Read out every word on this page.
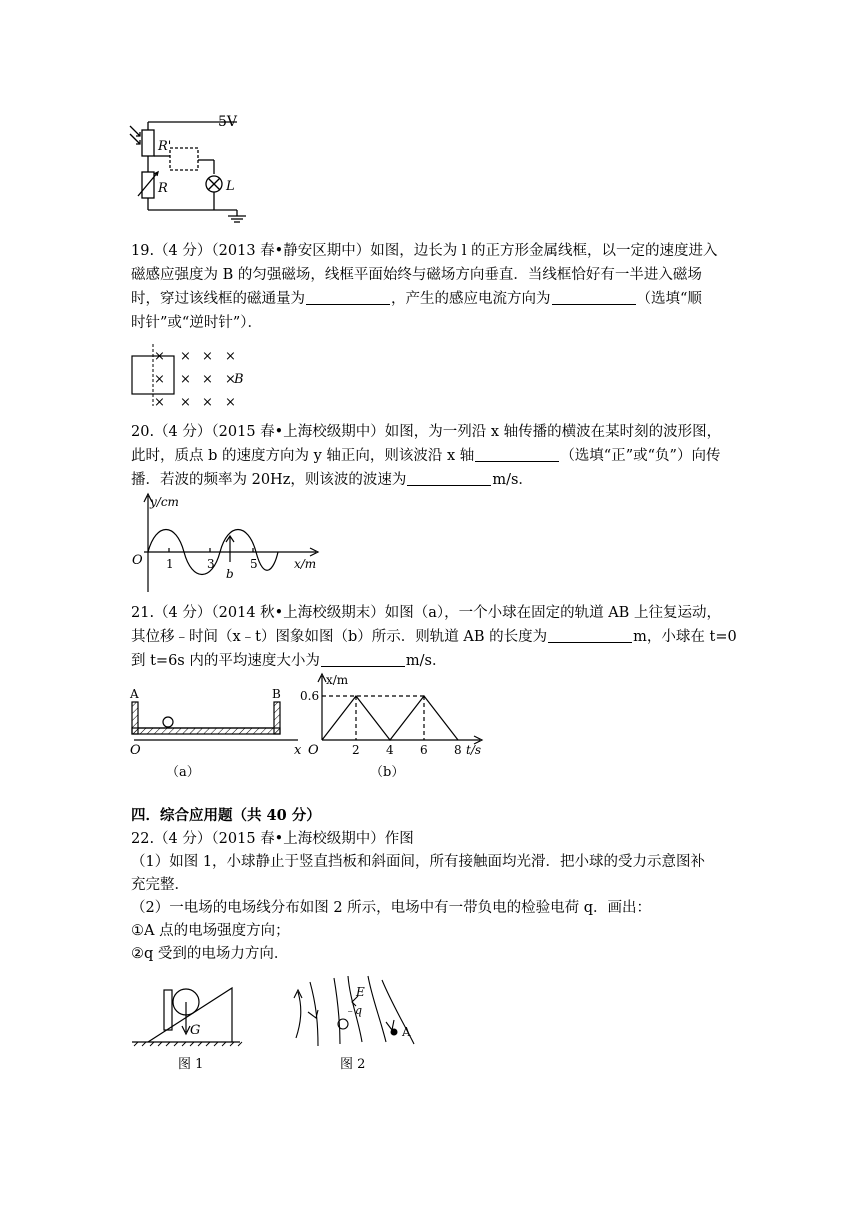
5V
R'
R	L
19.（4 分）（2013 春•静安区期中）如图，边长为 l 的正方形金属线框，以一定的速度进入
磁感应强度为 B 的匀强磁场，线框平面始终与磁场方向垂直．当线框恰好有一半进入磁场
时，穿过该线框的磁通量为	，产生的感应电流方向为	（选填“顺
时针”或“逆时针”）．
× × × ×
× × × ×
× × × ×
B
20.（4 分）（2015 春•上海校级期中）如图，为一列沿 x 轴传播的横波在某时刻的波形图，
此时，质点 b 的速度方向为 y 轴正向，则该波沿 x 轴	（选填“正”或“负”）向传
播．若波的频率为 20Hz，则该波的波速为	m/s．
y/cm
O 1	3	5
b
x/m
21.（4 分）（2014 秋•上海校级期末）如图（a），一个小球在固定的轨道 AB 上往复运动，
其位移﹣时间（x﹣t）图象如图（b）所示．则轨道 AB 的长度为	m，小球在 t=0
到 t=6s 内的平均速度大小为	m/s．
A	B
O	x
（a）
x/m
0.6
O	2 4 6 8 t/s
（b）
四．综合应用题（共 40 分）
22.（4 分）（2015 春•上海校级期中）作图
（1）如图 1，小球静止于竖直挡板和斜面间，所有接触面均光滑．把小球的受力示意图补
充完整．
（2）一电场的电场线分布如图 2 所示，电场中有一带负电的检验电荷 q．画出：
①A 点的电场强度方向；
②q 受到的电场力方向．
G
图 1
E
﹣q
A
图 2
